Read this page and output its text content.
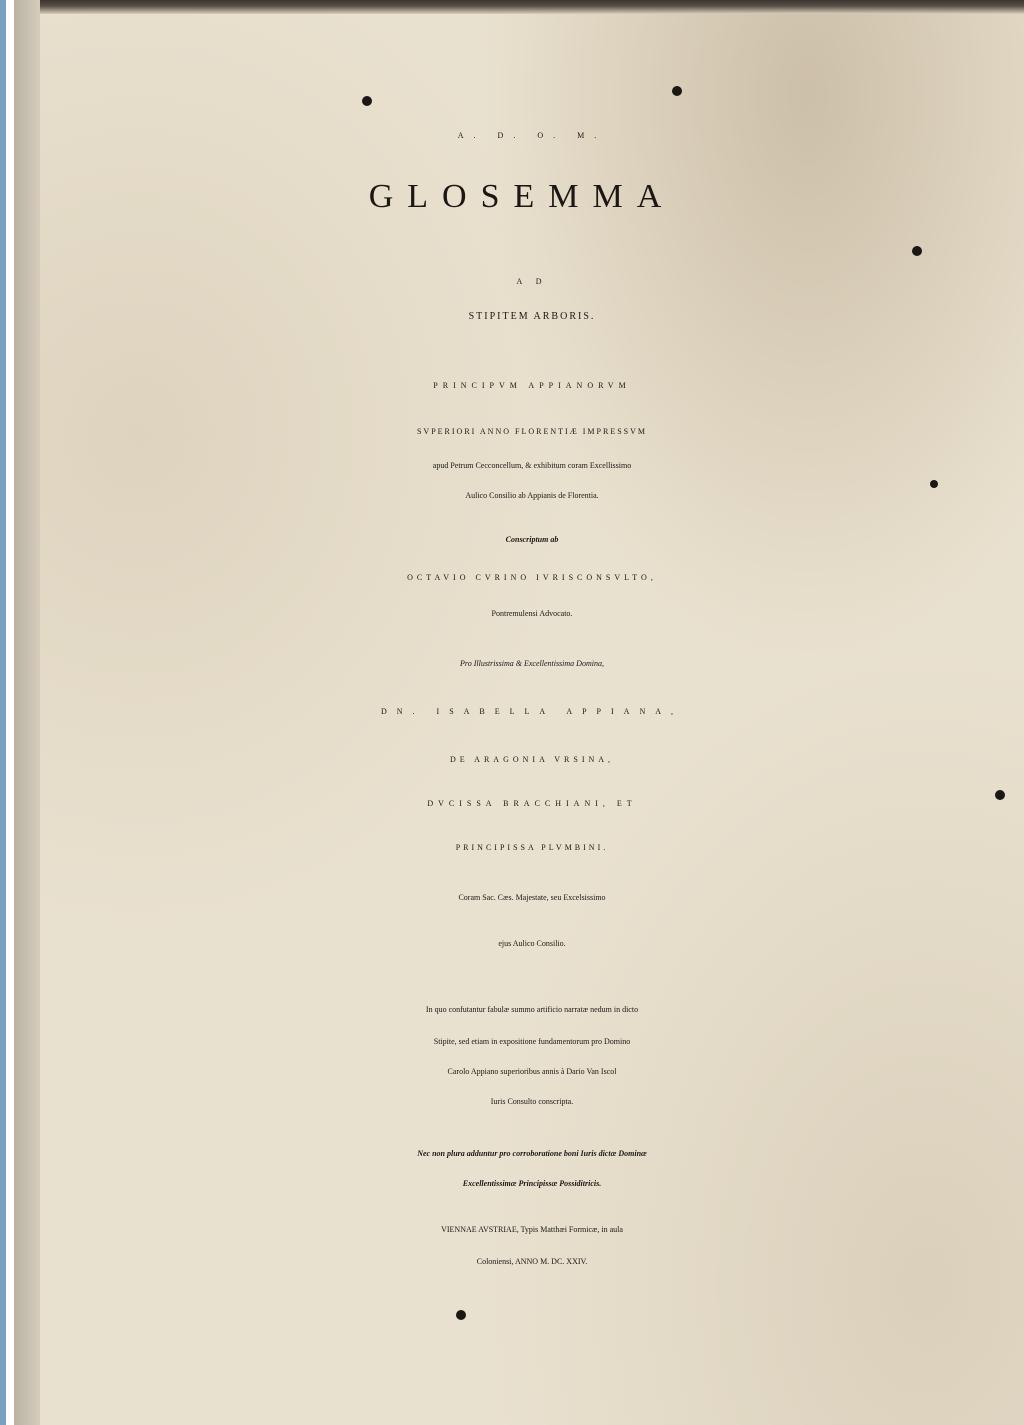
A. D. O. M.
GLOSEMMA
A D
STIPITEM ARBORIS.
PRINCIPVM APPIANORVM
SVPERIORI ANNO FLORENTIÆ IMPRESSVM
apud Petrum Cecconcellum, & exhibitum coram Excellissimo
Aulico Consilio ab Appianis de Florentia.
Conscriptum ab
OCTAVIO CVRINO IVRISCONSVLTO,
Pontremulensi Advocato.
Pro Illustrissima & Excellentissima Domina,
DN. ISABELLA APPIANA,
DE ARAGONIA VRSINA,
DVCISSA BRACCHIANI, ET
PRINCIPISSA PLVMBINI.
Coram Sac. Cæs. Majestate, seu Excelsissimo
ejus Aulico Consilio.
In quo confutantur fabulæ summo artificio narratæ nedum in dicto
Stipite, sed etiam in expositione fundamentorum pro Domino
Carolo Appiano superioribus annis à Dario Van Iscol
Iuris Consulto conscripta.
Nec non plura adduntur pro corroboratione boni Iuris dictæ Dominæ
Excellentissimæ Principissæ Possiditricis.
VIENNAE AVSTRIAE, Typis Matthæi Formicæ, in aula
Coloniensi, ANNO M. DC. XXIV.
